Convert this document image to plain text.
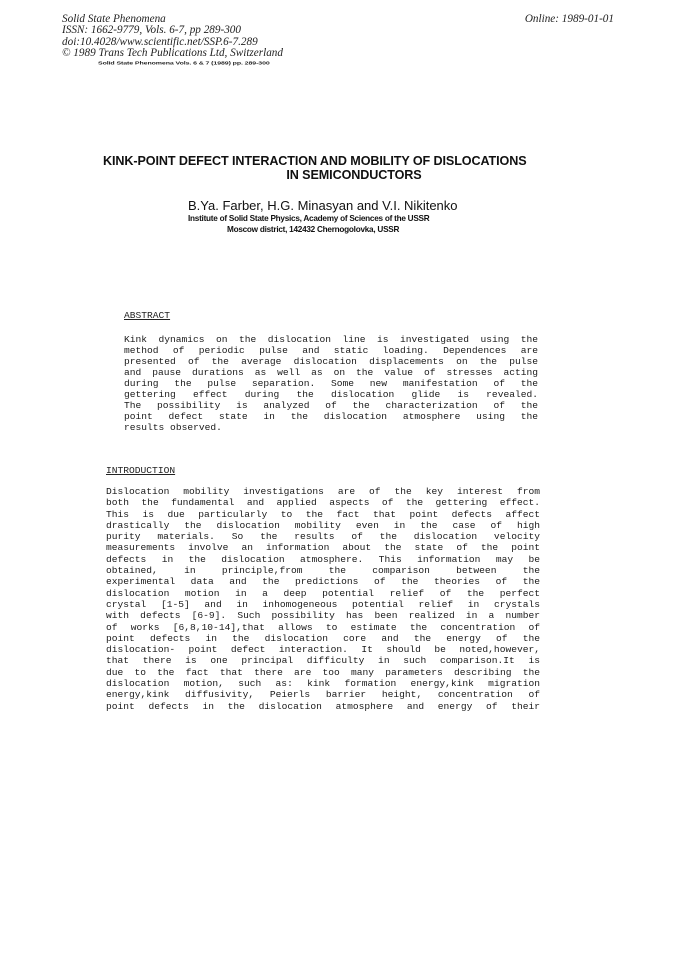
Solid State Phenomena
ISSN: 1662-9779, Vols. 6-7, pp 289-300
doi:10.4028/www.scientific.net/SSP.6-7.289
© 1989 Trans Tech Publications Ltd, Switzerland
Online: 1989-01-01
Solid State Phenomena Vols. 6 & 7 (1989) pp. 289-300
KINK-POINT DEFECT INTERACTION AND MOBILITY OF DISLOCATIONS
IN SEMICONDUCTORS
B.Ya. Farber, H.G. Minasyan and V.I. Nikitenko
Institute of Solid State Physics, Academy of Sciences of the USSR
Moscow district, 142432 Chernogolovka, USSR
ABSTRACT
Kink dynamics on the dislocation line is investigated using the
method of periodic pulse and static loading. Dependences are
presented of the average dislocation displacements on the pulse
and pause durations as well as on the value of stresses acting
during the pulse separation. Some new manifestation of the
gettering effect during the dislocation glide is revealed.
The possibility is analyzed of the characterization of the
point defect state in the dislocation atmosphere using the
results observed.
INTRODUCTION
Dislocation mobility investigations are of the key interest from
both the fundamental and applied aspects of the gettering effect.
This is due particularly to the fact that point defects affect
drastically the dislocation mobility even in the case of high
purity materials. So the results of the dislocation velocity
measurements involve an information about the state of the point
defects in the dislocation atmosphere. This information may be
obtained, in principle,from the comparison between the
experimental data and the predictions of the theories of the
dislocation motion in a deep potential relief of the perfect
crystal [1-5] and in inhomogeneous potential relief in crystals
with defects [6-9]. Such possibility has been realized in a number
of works [6,8,10-14],that allows to estimate the concentration of
point defects in the dislocation core and the energy of the
dislocation- point defect interaction. It should be noted,however,
that there is one principal difficulty in such comparison.It is
due to the fact that there are too many parameters describing the
dislocation motion, such as: kink formation energy,kink migration
energy,kink diffusivity, Peierls barrier height, concentration of
point defects in the dislocation atmosphere and energy of their
